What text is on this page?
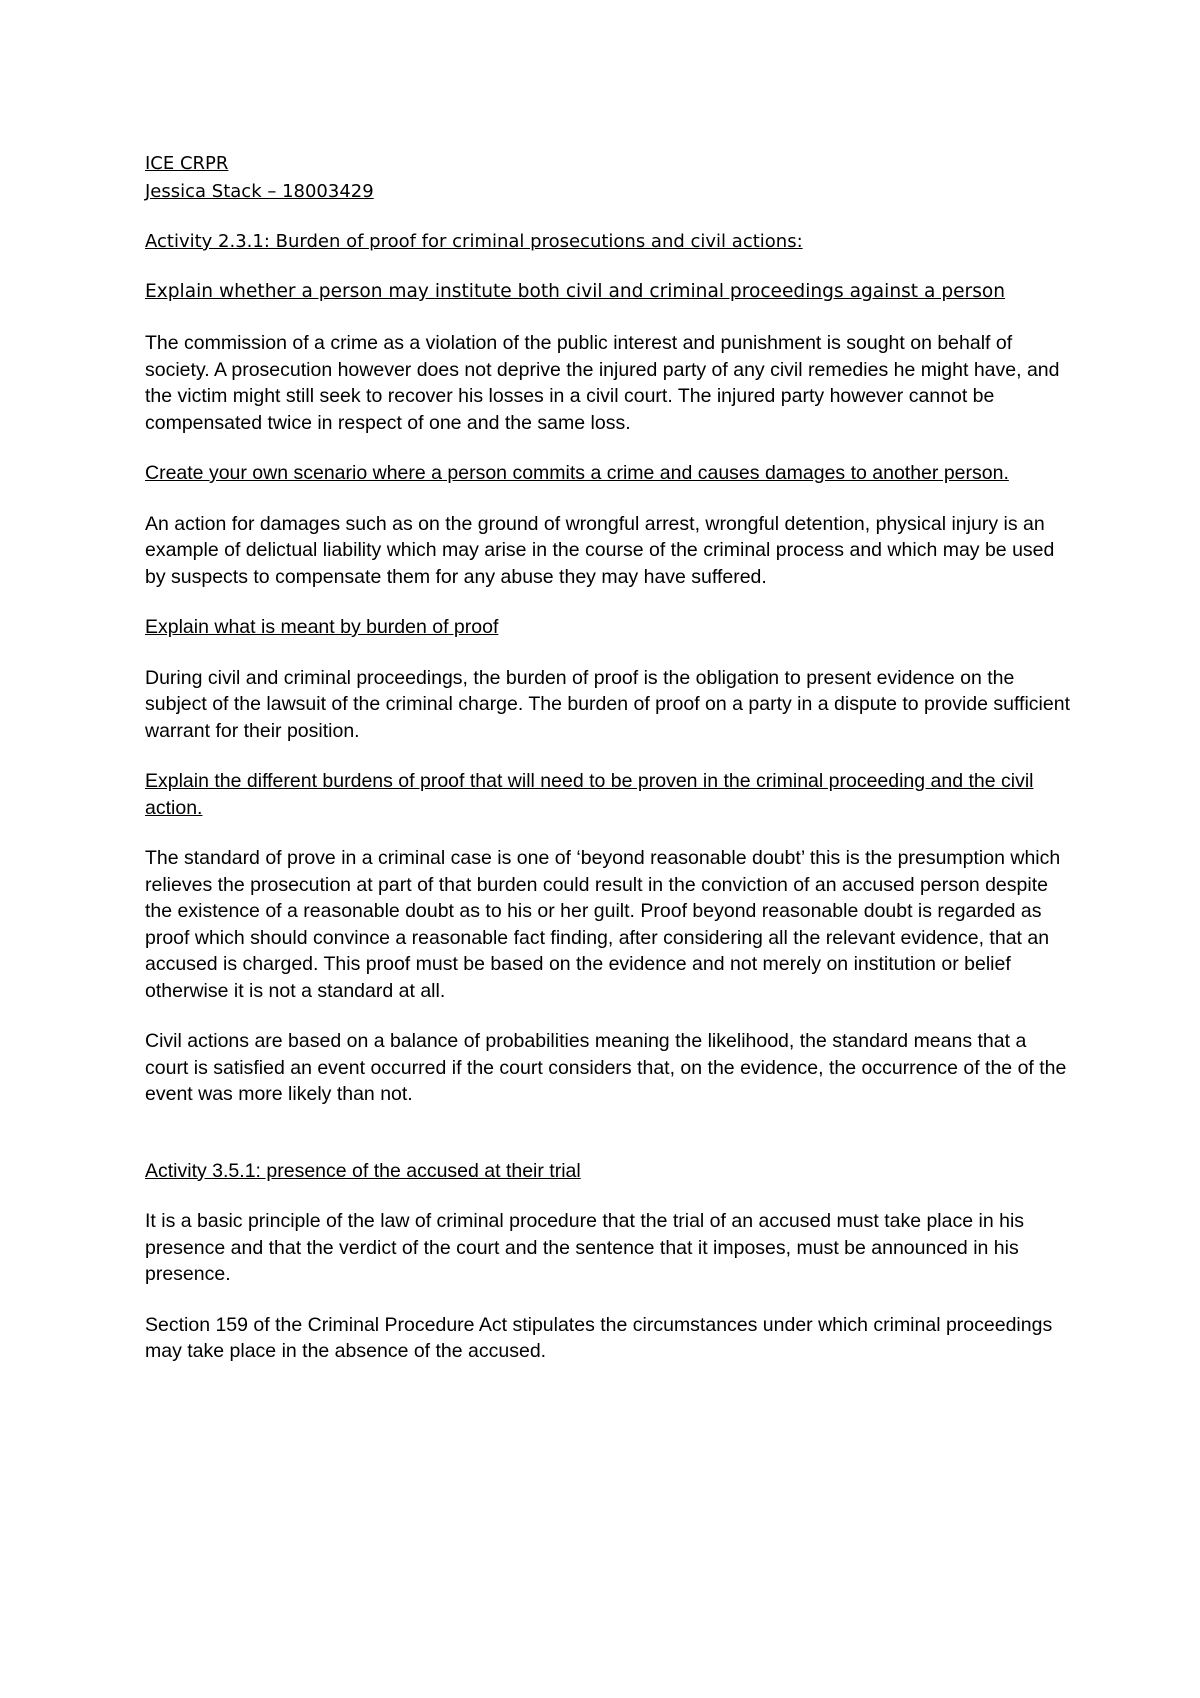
ICE CRPR

Jessica Stack – 18003429

Activity 2.3.1: Burden of proof for criminal prosecutions and civil actions:

Explain whether a person may institute both civil and criminal proceedings against a person

The commission of a crime as a violation of the public interest and punishment is sought on behalf of society. A prosecution however does not deprive the injured party of any civil remedies he might have, and the victim might still seek to recover his losses in a civil court. The injured party however cannot be compensated twice in respect of one and the same loss.

Create your own scenario where a person commits a crime and causes damages to another person.

An action for damages such as on the ground of wrongful arrest, wrongful detention, physical injury is an example of delictual liability which may arise in the course of the criminal process and which may be used by suspects to compensate them for any abuse they may have suffered.

Explain what is meant by burden of proof

During civil and criminal proceedings, the burden of proof is the obligation to present evidence on the subject of the lawsuit of the criminal charge. The burden of proof on a party in a dispute to provide sufficient warrant for their position.

Explain the different burdens of proof that will need to be proven in the criminal proceeding and the civil action.

The standard of prove in a criminal case is one of ‘beyond reasonable doubt’ this is the presumption which relieves the prosecution at part of that burden could result in the conviction of an accused person despite the existence of a reasonable doubt as to his or her guilt. Proof beyond reasonable doubt is regarded as proof which should convince a reasonable fact finding, after considering all the relevant evidence, that an accused is charged. This proof must be based on the evidence and not merely on institution or belief otherwise it is not a standard at all.

Civil actions are based on a balance of probabilities meaning the likelihood, the standard means that a court is satisfied an event occurred if the court considers that, on the evidence, the occurrence of the of the event was more likely than not.

Activity 3.5.1: presence of the accused at their trial

It is a basic principle of the law of criminal procedure that the trial of an accused must take place in his presence and that the verdict of the court and the sentence that it imposes, must be announced in his presence.

Section 159 of the Criminal Procedure Act stipulates the circumstances under which criminal proceedings may take place in the absence of the accused.
